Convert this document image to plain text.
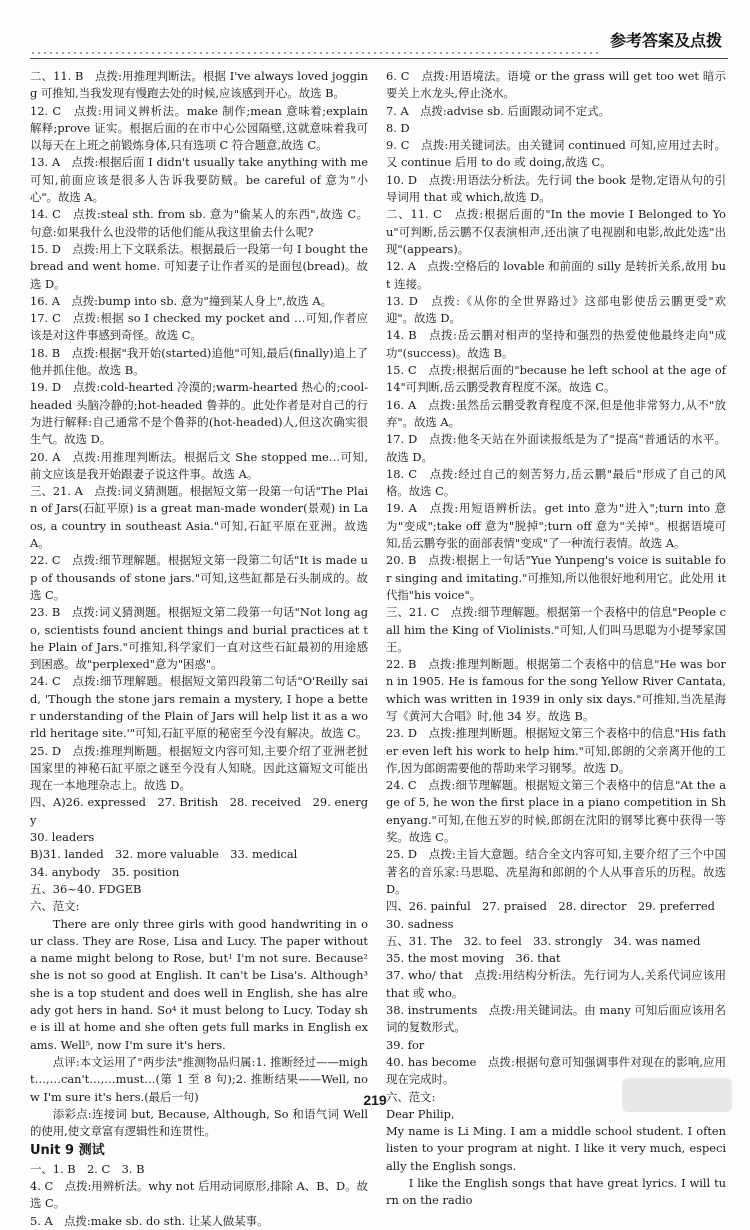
参考答案及点拨

二、11. B　点拨:用推理判断法。根据 I've always loved jogging 可推知,当我发现有慢跑去处的时候,应该感到开心。故选 B。

12. C　点拨:用词义辨析法。make 制作;mean 意味着;explain 解释;prove 证实。根据后面的在市中心公园隔壁,这就意味着我可以每天在上班之前锻炼身体,只有选项 C 符合题意,故选 C。

13. A　点拨:根据后面 I didn't usually take anything with me 可知,前面应该是很多人告诉我要防贼。be careful of 意为"小心"。故选 A。

14. C　点拨:steal sth. from sb. 意为"偷某人的东西",故选 C。句意:如果我什么也没带的话他们能从我这里偷去什么呢?

15. D　点拨:用上下文联系法。根据最后一段第一句 I bought the bread and went home. 可知妻子让作者买的是面包(bread)。故选 D。

16. A　点拨:bump into sb. 意为"撞到某人身上",故选 A。

17. C　点拨:根据 so I checked my pocket and …可知,作者应该是对这件事感到奇怪。故选 C。

18. B　点拨:根据"我开始(started)追他"可知,最后(finally)追上了他并抓住他。故选 B。

19. D　点拨:cold-hearted 冷漠的;warm-hearted 热心的;cool-headed 头脑冷静的;hot-headed 鲁莽的。此处作者是对自己的行为进行解释:自己通常不是个鲁莽的(hot-headed)人,但这次确实很生气。故选 D。

20. A　点拨:用推理判断法。根据后文 She stopped me…可知,前文应该是我开始跟妻子说这件事。故选 A。

三、21. A　点拨:词义猜测题。根据短文第一段第一句话"The Plain of Jars(石缸平原) is a great man-made wonder(景观) in Laos, a country in southeast Asia."可知,石缸平原在亚洲。故选 A。

22. C　点拨:细节理解题。根据短文第一段第二句话"It is made up of thousands of stone jars."可知,这些缸都是石头制成的。故选 C。

23. B　点拨:词义猜测题。根据短文第二段第一句话"Not long ago, scientists found ancient things and burial practices at the Plain of Jars."可推知,科学家们一直对这些石缸最初的用途感到困惑。故"perplexed"意为"困惑"。

24. C　点拨:细节理解题。根据短文第四段第二句话"O'Reilly said, 'Though the stone jars remain a mystery, I hope a better understanding of the Plain of Jars will help list it as a world heritage site.'"可知,石缸平原的秘密至今没有解决。故选 C。

25. D　点拨:推理判断题。根据短文内容可知,主要介绍了亚洲老挝国家里的神秘石缸平原之谜至今没有人知晓。因此这篇短文可能出现在一本地理杂志上。故选 D。

四、A)26. expressed　27. British　28. received　29. energy

30. leaders

B)31. landed　32. more valuable　33. medical

34. anybody　35. position

五、36~40. FDGEB

六、范文:

There are only three girls with good handwriting in our class. They are Rose, Lisa and Lucy. The paper without a name might belong to Rose, but¹ I'm not sure. Because² she is not so good at English. It can't be Lisa's. Although³ she is a top student and does well in English, she has already got hers in hand. So⁴ it must belong to Lucy. Today she is ill at home and she often gets full marks in English exams. Well⁵, now I'm sure it's hers.

点评:本文运用了"两步法"推测物品归属:1. 推断经过——might…,…can't…,…must…(第 1 至 8 句);2. 推断结果——Well, now I'm sure it's hers.(最后一句)

添彩点:连接词 but, Because, Although, So 和语气词 Well 的使用,使文章富有逻辑性和连贯性。

Unit 9 测试

一、1. B　2. C　3. B

4. C　点拨:用辨析法。why not 后用动词原形,排除 A、B、D。故选 C。

5. A　点拨:make sb. do sth. 让某人做某事。

6. C　点拨:用语境法。语境 or the grass will get too wet 暗示要关上水龙头,停止浇水。

7. A　点拨:advise sb. 后面跟动词不定式。

8. D

9. C　点拨:用关键词法。由关键词 continued 可知,应用过去时。又 continue 后用 to do 或 doing,故选 C。

10. D　点拨:用语法分析法。先行词 the book 是物,定语从句的引导词用 that 或 which,故选 D。

二、11. C　点拨:根据后面的"In the movie I Belonged to You"可判断,岳云鹏不仅表演相声,还出演了电视剧和电影,故此处选"出现"(appears)。

12. A　点拨:空格后的 lovable 和前面的 silly 是转折关系,故用 but 连接。

13. D　点拨:《从你的全世界路过》这部电影使岳云鹏更受"欢迎"。故选 D。

14. B　点拨:岳云鹏对相声的坚持和强烈的热爱使他最终走向"成功"(success)。故选 B。

15. C　点拨:根据后面的"because he left school at the age of 14"可判断,岳云鹏受教育程度不深。故选 C。

16. A　点拨:虽然岳云鹏受教育程度不深,但是他非常努力,从不"放弃"。故选 A。

17. D　点拨:他冬天站在外面读报纸是为了"提高"普通话的水平。故选 D。

18. C　点拨:经过自己的刻苦努力,岳云鹏"最后"形成了自己的风格。故选 C。

19. A　点拨:用短语辨析法。get into 意为"进入";turn into 意为"变成";take off 意为"脱掉";turn off 意为"关掉"。根据语境可知,岳云鹏夸张的面部表情"变成"了一种流行表情。故选 A。

20. B　点拨:根据上一句话"Yue Yunpeng's voice is suitable for singing and imitating."可推知,所以他很好地利用它。此处用 it 代指"his voice"。

三、21. C　点拨:细节理解题。根据第一个表格中的信息"People call him the King of Violinists."可知,人们叫马思聪为小提琴家国王。

22. B　点拨:推理判断题。根据第二个表格中的信息"He was born in 1905. He is famous for the song Yellow River Cantata, which was written in 1939 in only six days."可推知,当冼星海写《黄河大合唱》时,他 34 岁。故选 B。

23. D　点拨:推理判断题。根据短文第三个表格中的信息"His father even left his work to help him."可知,郎朗的父亲离开他的工作,因为郎朗需要他的帮助来学习钢琴。故选 D。

24. C　点拨:细节理解题。根据短文第三个表格中的信息"At the age of 5, he won the first place in a piano competition in Shenyang."可知,在他五岁的时候,郎朗在沈阳的钢琴比赛中获得一等奖。故选 C。

25. D　点拨:主旨大意题。结合全文内容可知,主要介绍了三个中国著名的音乐家:马思聪、冼星海和郎朗的个人从事音乐的历程。故选 D。

四、26. painful　27. praised　28. director　29. preferred

30. sadness

五、31. The　32. to feel　33. strongly　34. was named

35. the most moving　36. that

37. who/ that　点拨:用结构分析法。先行词为人,关系代词应该用 that 或 who。

38. instruments　点拨:用关键词法。由 many 可知后面应该用名词的复数形式。

39. for

40. has become　点拨:根据句意可知强调事件对现在的影响,应用现在完成时。

六、范文:

Dear Philip,

My name is Li Ming. I am a middle school student. I often listen to your program at night. I like it very much, especially the English songs.

I like the English songs that have great lyrics. I will turn on the radio

219
